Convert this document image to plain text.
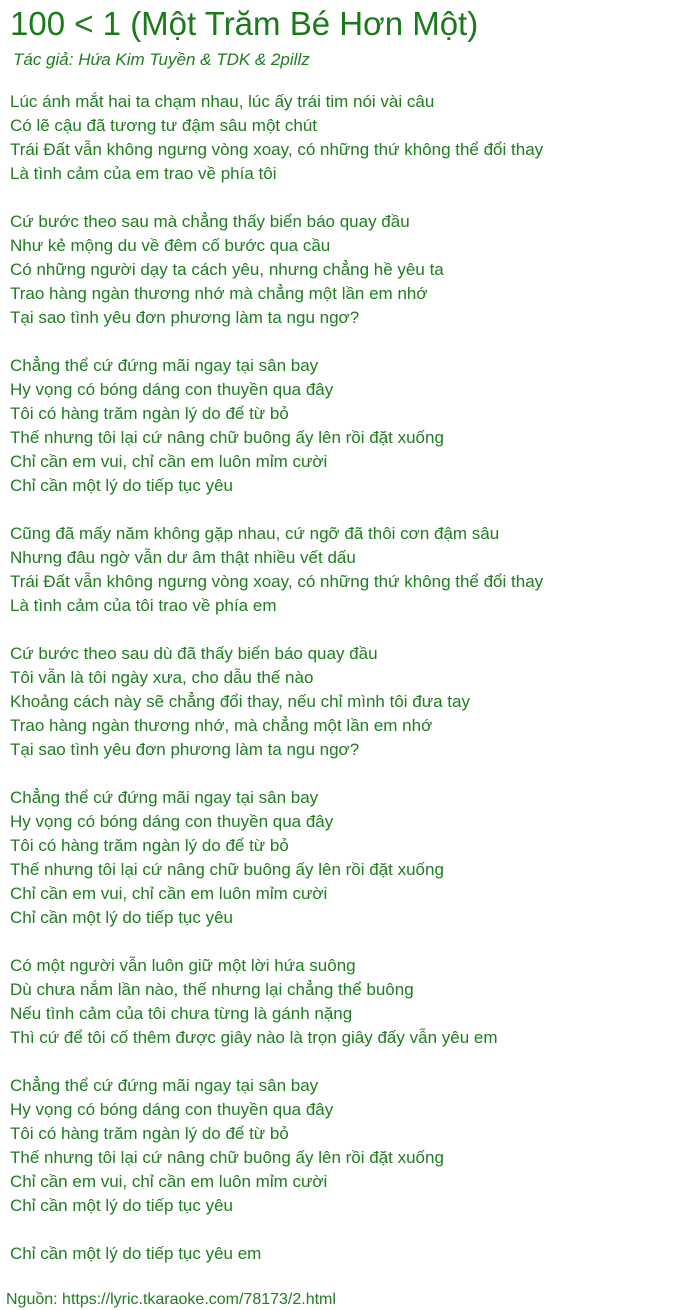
100 < 1 (Một Trăm Bé Hơn Một)
Tác giả: Hứa Kim Tuyền & TDK & 2pillz
Lúc ánh mắt hai ta chạm nhau, lúc ấy trái tim nói vài câu
Có lẽ cậu đã tương tư đậm sâu một chút
Trái Đất vẫn không ngưng vòng xoay, có những thứ không thể đổi thay
Là tình cảm của em trao về phía tôi
Cứ bước theo sau mà chẳng thấy biển báo quay đầu
Như kẻ mộng du về đêm cố bước qua cầu
Có những người dạy ta cách yêu, nhưng chẳng hề yêu ta
Trao hàng ngàn thương nhớ mà chẳng một lần em nhớ
Tại sao tình yêu đơn phương làm ta ngu ngơ?
Chẳng thể cứ đứng mãi ngay tại sân bay
Hy vọng có bóng dáng con thuyền qua đây
Tôi có hàng trăm ngàn lý do để từ bỏ
Thế nhưng tôi lại cứ nâng chữ buông ấy lên rồi đặt xuống
Chỉ cần em vui, chỉ cần em luôn mỉm cười
Chỉ cần một lý do tiếp tục yêu
Cũng đã mấy năm không gặp nhau, cứ ngỡ đã thôi cơn đậm sâu
Nhưng đâu ngờ vẫn dư âm thật nhiều vết dấu
Trái Đất vẫn không ngưng vòng xoay, có những thứ không thể đổi thay
Là tình cảm của tôi trao về phía em
Cứ bước theo sau dù đã thấy biển báo quay đầu
Tôi vẫn là tôi ngày xưa, cho dẫu thế nào
Khoảng cách này sẽ chẳng đổi thay, nếu chỉ mình tôi đưa tay
Trao hàng ngàn thương nhớ, mà chẳng một lần em nhớ
Tại sao tình yêu đơn phương làm ta ngu ngơ?
Chẳng thể cứ đứng mãi ngay tại sân bay
Hy vọng có bóng dáng con thuyền qua đây
Tôi có hàng trăm ngàn lý do để từ bỏ
Thế nhưng tôi lại cứ nâng chữ buông ấy lên rồi đặt xuống
Chỉ cần em vui, chỉ cần em luôn mỉm cười
Chỉ cần một lý do tiếp tục yêu
Có một người vẫn luôn giữ một lời hứa suông
Dù chưa nắm lần nào, thế nhưng lại chẳng thể buông
Nếu tình cảm của tôi chưa từng là gánh nặng
Thì cứ để tôi cố thêm được giây nào là trọn giây đấy vẫn yêu em
Chẳng thể cứ đứng mãi ngay tại sân bay
Hy vọng có bóng dáng con thuyền qua đây
Tôi có hàng trăm ngàn lý do để từ bỏ
Thế nhưng tôi lại cứ nâng chữ buông ấy lên rồi đặt xuống
Chỉ cần em vui, chỉ cần em luôn mỉm cười
Chỉ cần một lý do tiếp tục yêu
Chỉ cần một lý do tiếp tục yêu em
Nguồn: https://lyric.tkaraoke.com/78173/2.html
